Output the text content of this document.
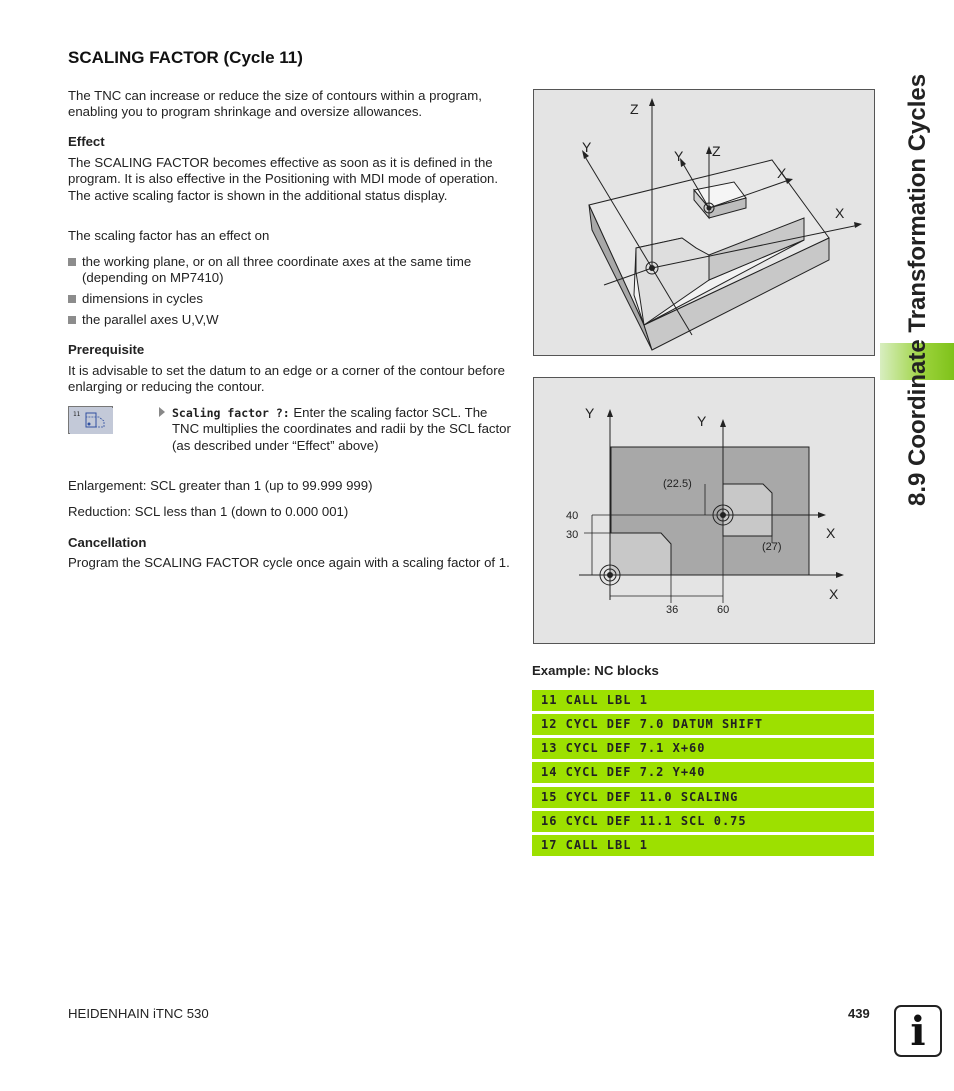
SCALING FACTOR (Cycle 11)

The TNC can increase or reduce the size of contours within a program, enabling you to program shrinkage and oversize allowances.

Effect

The SCALING FACTOR becomes effective as soon as it is defined in the program. It is also effective in the Positioning with MDI mode of operation. The active scaling factor is shown in the additional status display.

The scaling factor has an effect on

the working plane, or on all three coordinate axes at the same time (depending on MP7410)
dimensions in cycles
the parallel axes U,V,W

Prerequisite

It is advisable to set the datum to an edge or a corner of the contour before enlarging or reducing the contour.

11	Scaling factor ?: Enter the scaling factor SCL. The TNC multiplies the coordinates and radii by the SCL factor (as described under “Effect” above)

Enlargement: SCL greater than 1 (up to 99.999 999)

Reduction: SCL less than 1 (down to 0.000 001)

Cancellation

Program the SCALING FACTOR cycle once again with a scaling factor of 1.

Z
Y
Y Z
X
X
Y	Y
X
X
40
30
36	60
(22.5)
(27)

Example: NC blocks

11 CALL LBL 1
12 CYCL DEF 7.0 DATUM SHIFT
13 CYCL DEF 7.1 X+60
14 CYCL DEF 7.2 Y+40
15 CYCL DEF 11.0 SCALING
16 CYCL DEF 11.1 SCL 0.75
17 CALL LBL 1
8.9 Coordinate Transformation Cycles
HEIDENHAIN iTNC 530	439	i
